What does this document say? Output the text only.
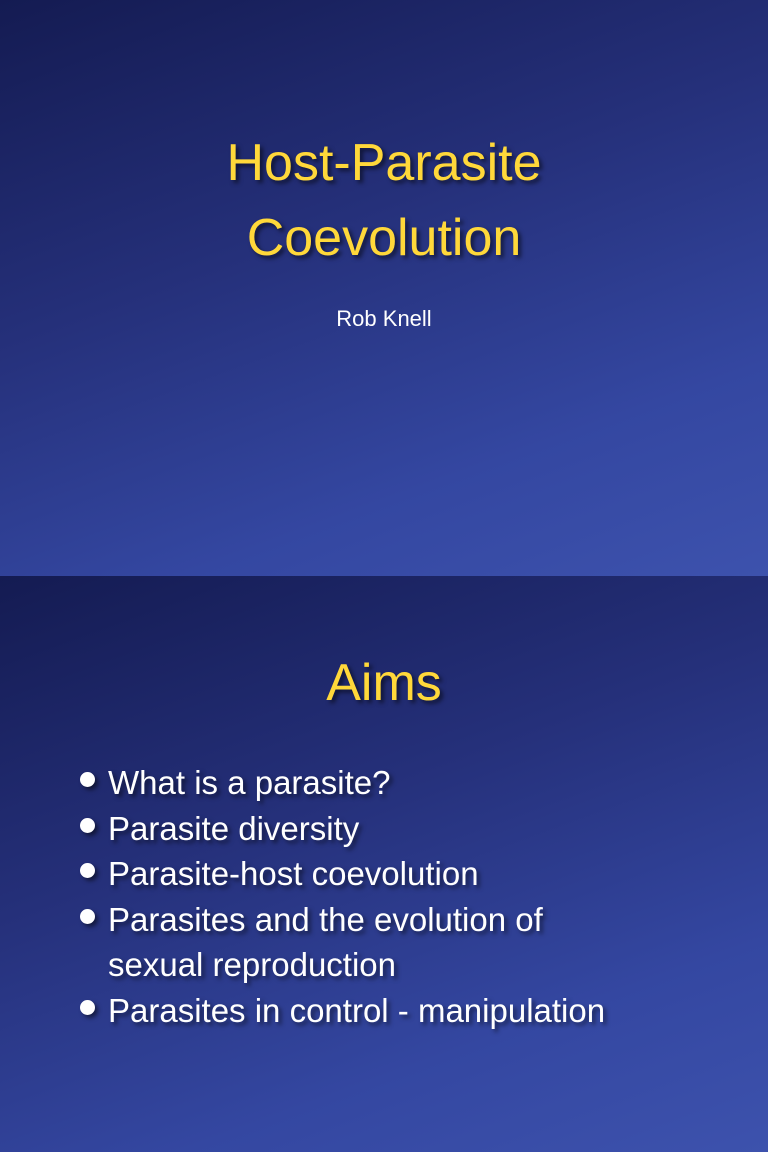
Host-Parasite
Coevolution
Rob Knell
Aims
What is a parasite?
Parasite diversity
Parasite-host coevolution
Parasites and the evolution of sexual reproduction
Parasites in control - manipulation
